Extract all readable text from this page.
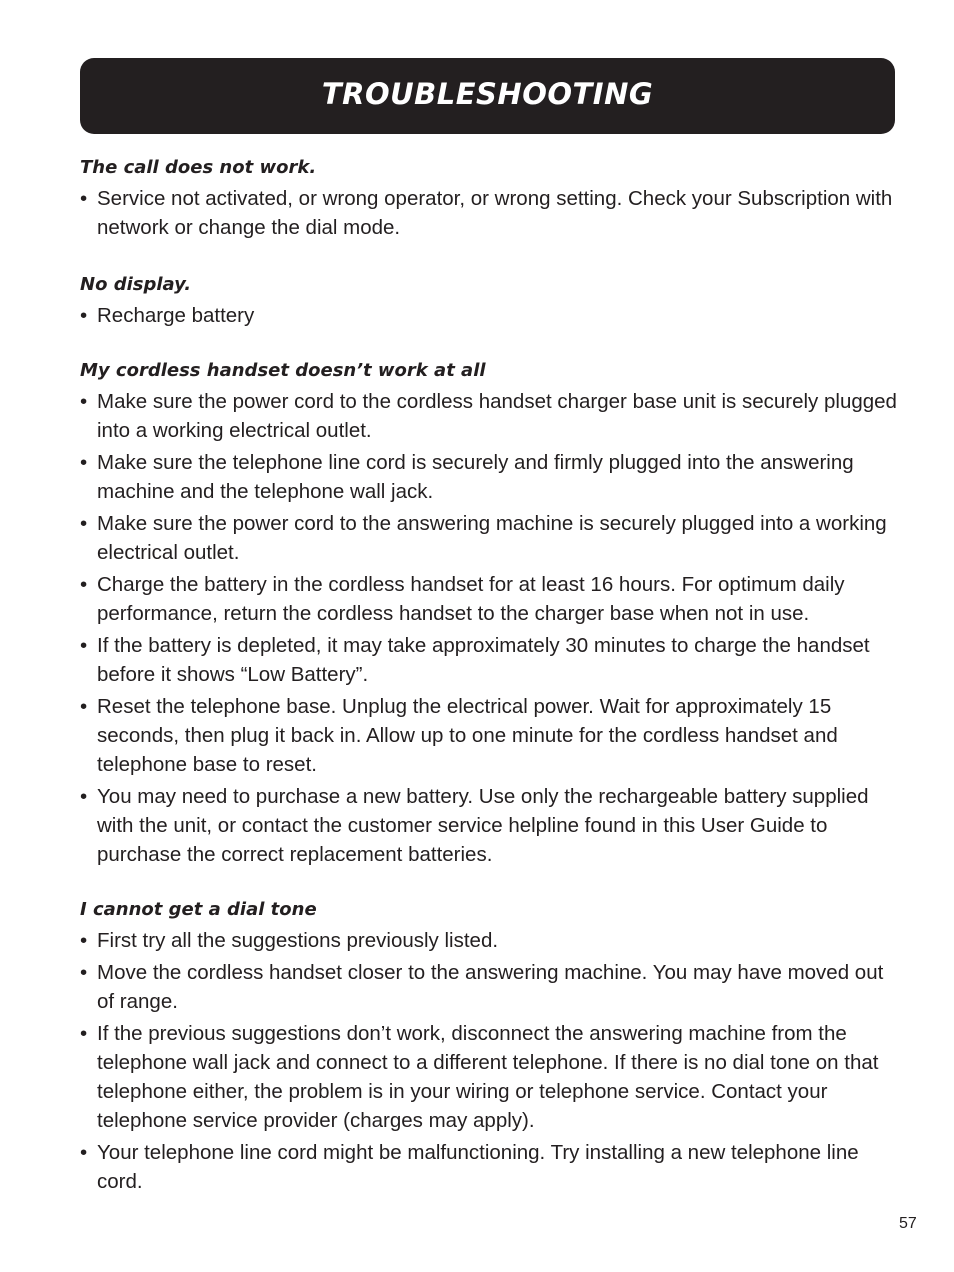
TROUBLESHOOTING

The call does not work.

• Service not activated, or wrong operator, or wrong setting. Check your Subscription with network or change the dial mode.

No display.

• Recharge battery

My cordless handset doesn’t work at all

• Make sure the power cord to the cordless handset charger base unit is securely plugged into a working electrical outlet.
• Make sure the telephone line cord is securely and firmly plugged into the answering machine and the telephone wall jack.
• Make sure the power cord to the answering machine is securely plugged into a working electrical outlet.
• Charge the battery in the cordless handset for at least 16 hours. For optimum daily performance, return the cordless handset to the charger base when not in use.
• If the battery is depleted, it may take approximately 30 minutes to charge the handset before it shows “Low Battery”.
• Reset the telephone base. Unplug the electrical power. Wait for approximately 15 seconds, then plug it back in. Allow up to one minute for the cordless handset and telephone base to reset.
• You may need to purchase a new battery. Use only the rechargeable battery supplied with the unit, or contact the customer service helpline found in this User Guide to purchase the correct replacement batteries.

I cannot get a dial tone

• First try all the suggestions previously listed.
• Move the cordless handset closer to the answering machine. You may have moved out of range.
• If the previous suggestions don’t work, disconnect the answering machine from the telephone wall jack and connect to a different telephone. If there is no dial tone on that telephone either, the problem is in your wiring or telephone service. Contact your telephone service provider (charges may apply).
• Your telephone line cord might be malfunctioning. Try installing a new telephone line cord.
57
